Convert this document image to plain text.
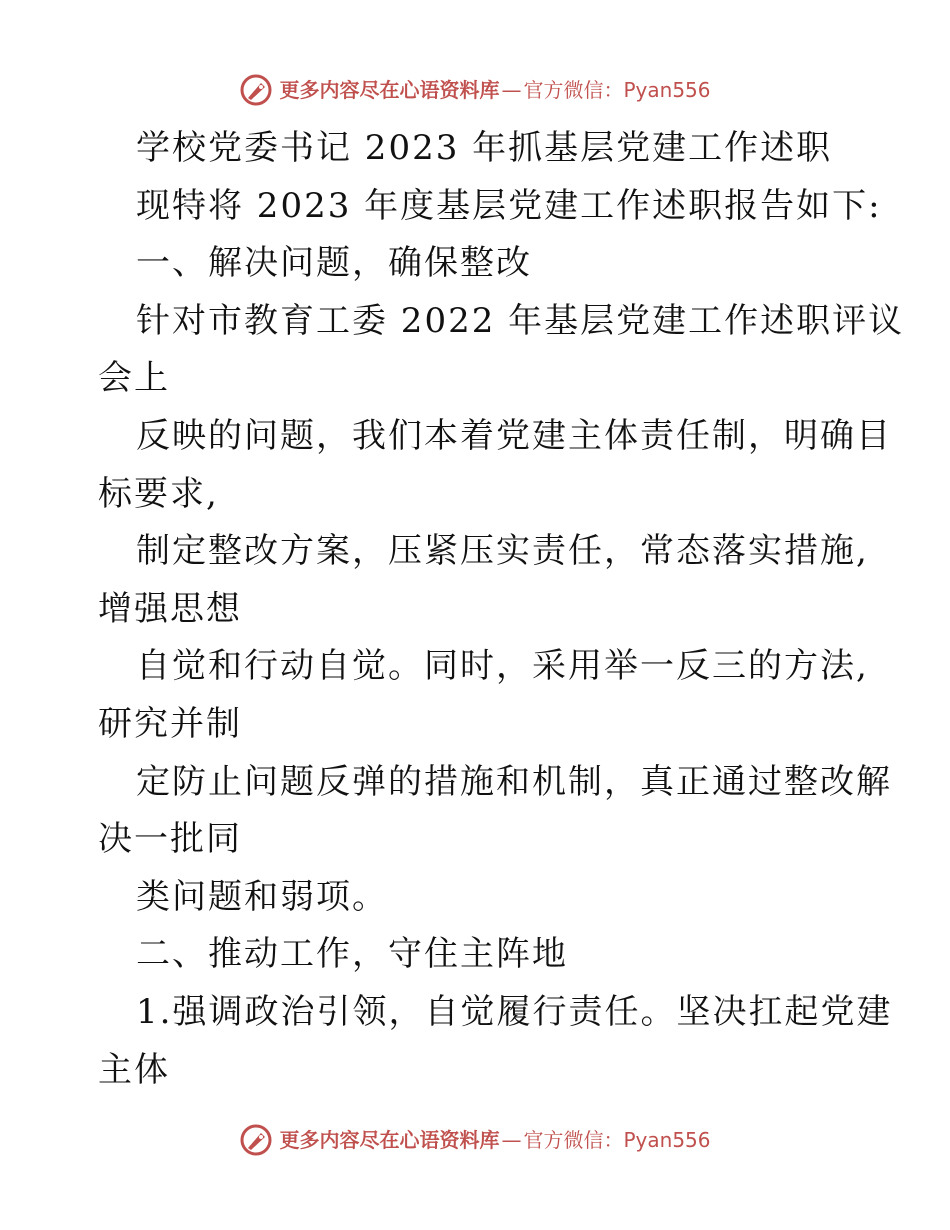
更多内容尽在心语资料库 — 官方微信： Pyan556
学校党委书记 2023 年抓基层党建工作述职
现特将 2023 年度基层党建工作述职报告如下:
一、解决问题，确保整改
针对市教育工委 2022 年基层党建工作述职评议
会上
反映的问题，我们本着党建主体责任制，明确目
标要求,
制定整改方案，压紧压实责任，常态落实措施,
增强思想
自觉和行动自觉。同时，采用举一反三的方法,
研究并制
定防止问题反弹的措施和机制，真正通过整改解
决一批同
类问题和弱项。
二、推动工作，守住主阵地
1.强调政治引领，自觉履行责任。坚决扛起党建
主体
更多内容尽在心语资料库 — 官方微信： Pyan556
